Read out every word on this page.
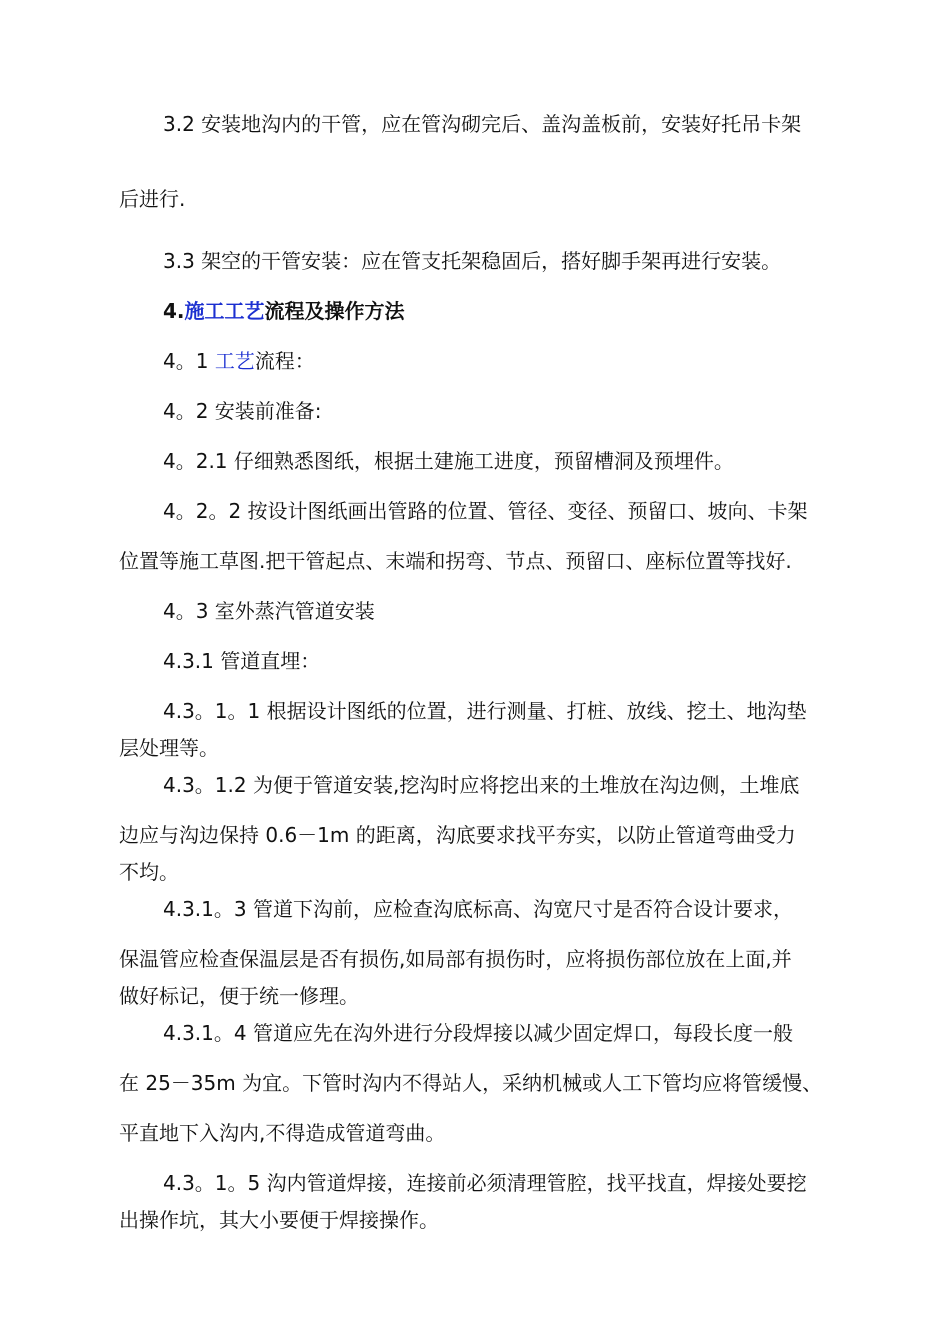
3.2 安装地沟内的干管，应在管沟砌完后、盖沟盖板前，安装好托吊卡架
后进行.
3.3 架空的干管安装：应在管支托架稳固后，搭好脚手架再进行安装。
4.施工工艺流程及操作方法
4。1 工艺流程：
4。2 安装前准备:
4。2.1 仔细熟悉图纸，根据土建施工进度，预留槽洞及预埋件。
4。2。2 按设计图纸画出管路的位置、管径、变径、预留口、坡向、卡架
位置等施工草图.把干管起点、末端和拐弯、节点、预留口、座标位置等找好.
4。3 室外蒸汽管道安装
4.3.1 管道直埋：
4.3。1。1 根据设计图纸的位置，进行测量、打桩、放线、挖土、地沟垫
层处理等。
4.3。1.2 为便于管道安装,挖沟时应将挖出来的土堆放在沟边侧，土堆底
边应与沟边保持 0.6－1m 的距离，沟底要求找平夯实，以防止管道弯曲受力
不均。
4.3.1。3 管道下沟前，应检查沟底标高、沟宽尺寸是否符合设计要求，
保温管应检查保温层是否有损伤,如局部有损伤时，应将损伤部位放在上面,并
做好标记，便于统一修理。
4.3.1。4 管道应先在沟外进行分段焊接以减少固定焊口，每段长度一般
在 25－35m 为宜。下管时沟内不得站人，采纳机械或人工下管均应将管缓慢、
平直地下入沟内,不得造成管道弯曲。
4.3。1。5 沟内管道焊接，连接前必须清理管腔，找平找直，焊接处要挖
出操作坑，其大小要便于焊接操作。
